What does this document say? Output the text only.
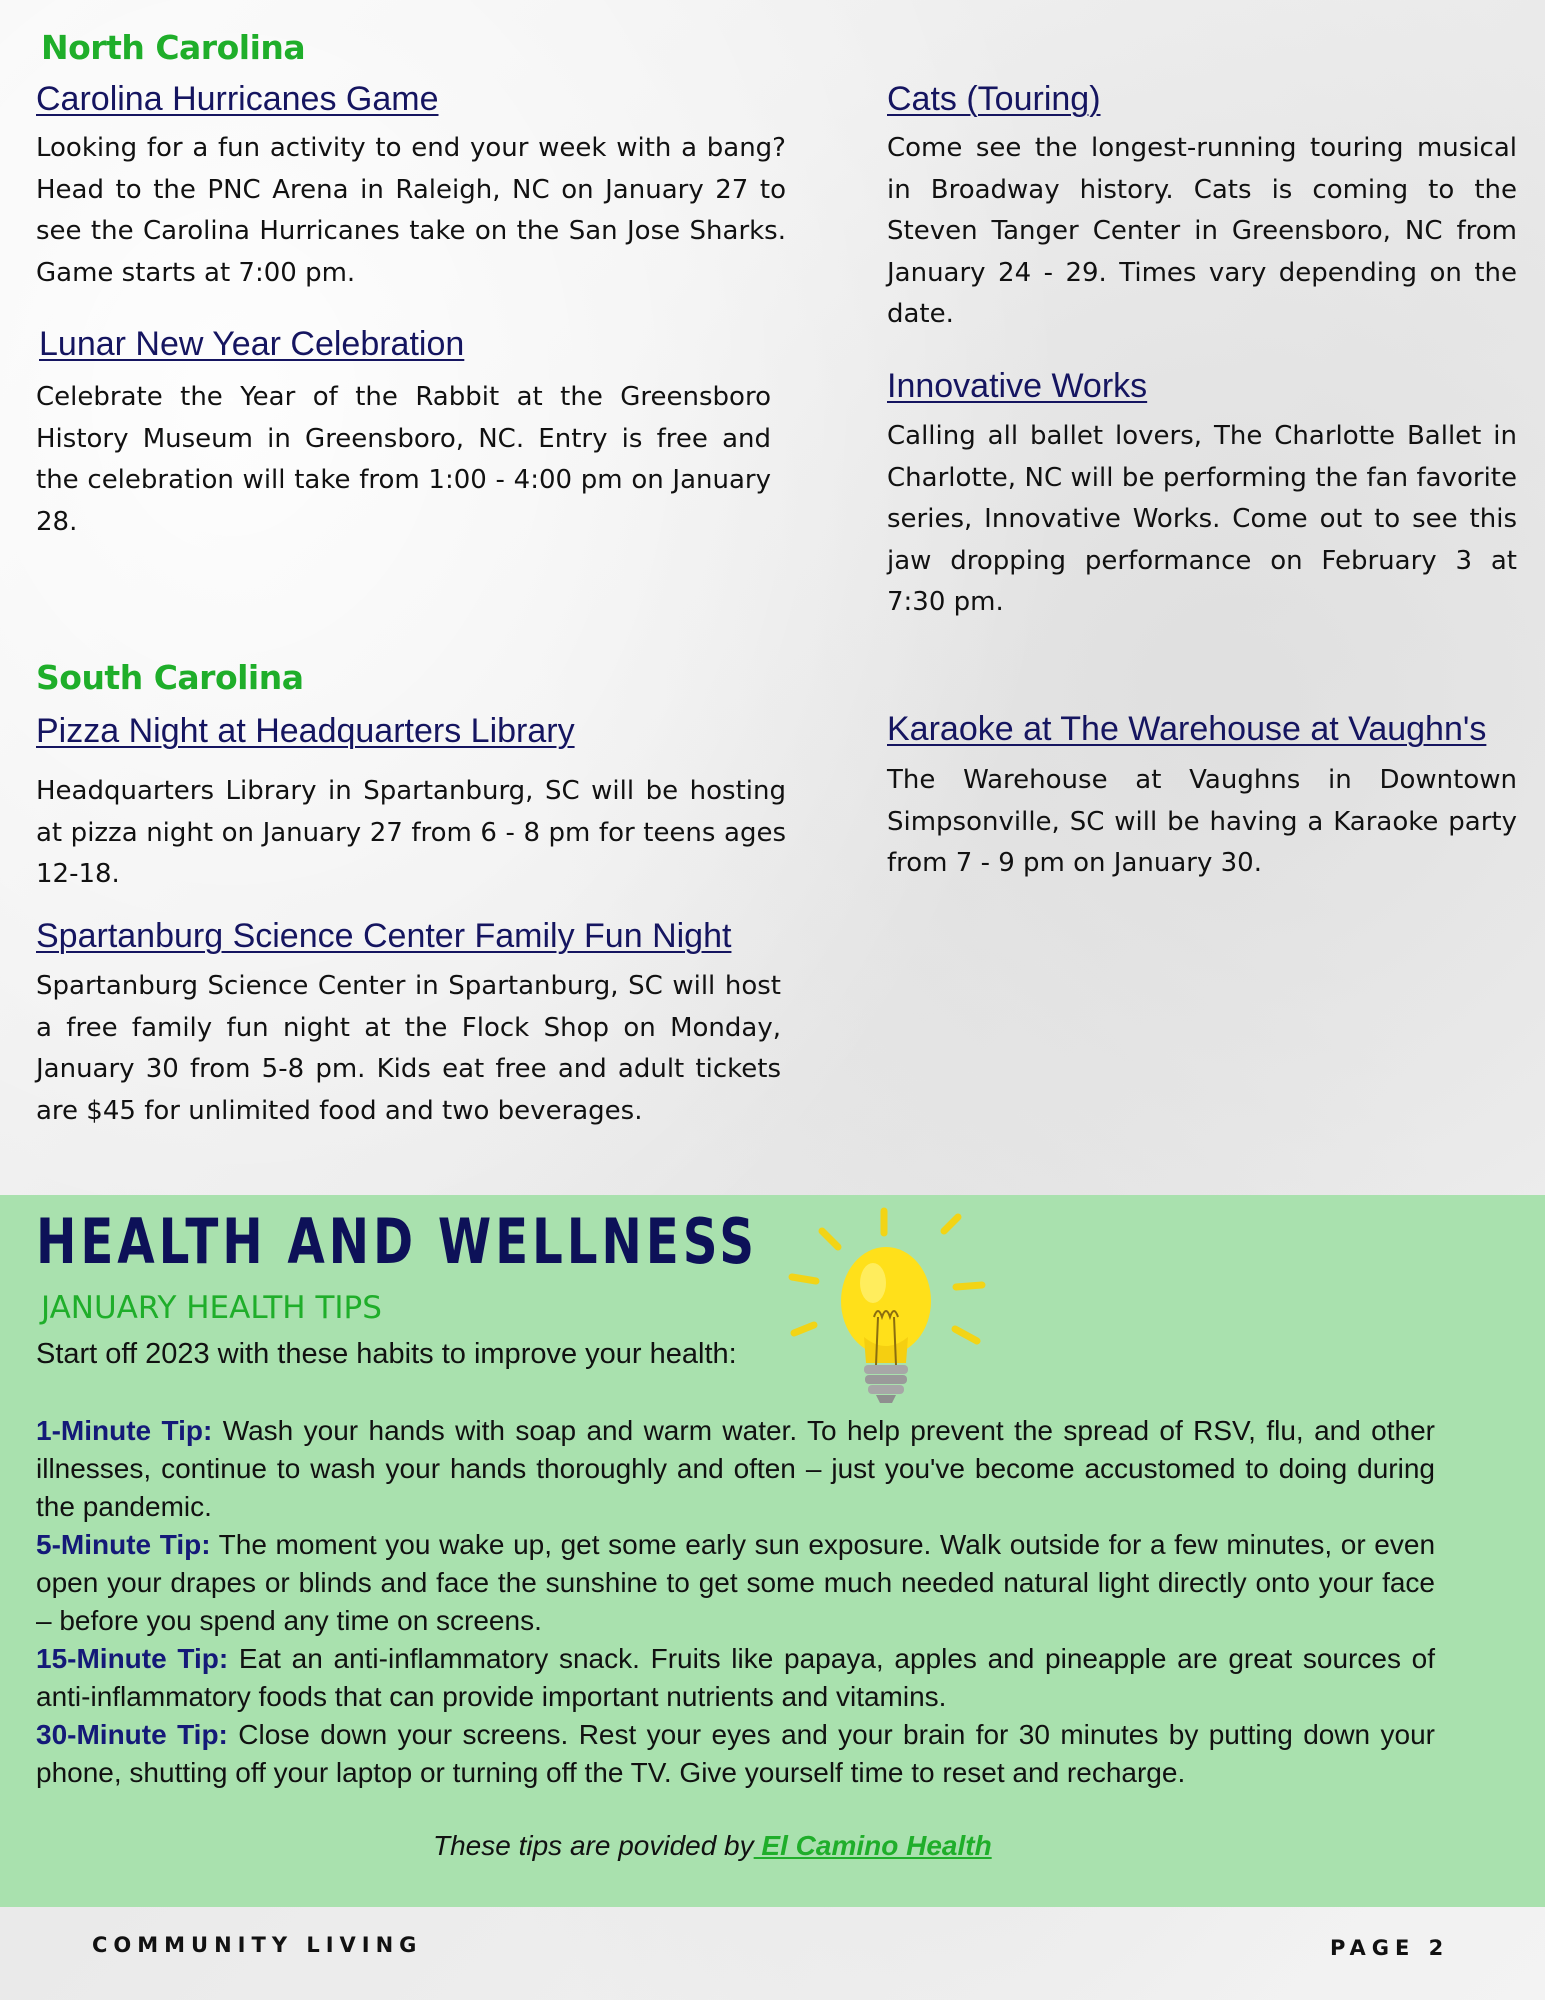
North Carolina
Carolina Hurricanes Game

Looking for a fun activity to end your week with a bang? Head to the PNC Arena in Raleigh, NC on January 27 to see the Carolina Hurricanes take on the San Jose Sharks. Game starts at 7:00 pm.

Lunar New Year Celebration

Celebrate the Year of the Rabbit at the Greensboro History Museum in Greensboro, NC. Entry is free and the celebration will take from 1:00 - 4:00 pm on January 28.

Cats (Touring)

Come see the longest-running touring musical in Broadway history. Cats is coming to the Steven Tanger Center in Greensboro, NC from January 24 - 29. Times vary depending on the date.

Innovative Works

Calling all ballet lovers, The Charlotte Ballet in Charlotte, NC will be performing the fan favorite series, Innovative Works. Come out to see this jaw dropping performance on February 3 at 7:30 pm.

South Carolina
Pizza Night at Headquarters Library

Headquarters Library in Spartanburg, SC will be hosting at pizza night on January 27 from 6 - 8 pm for teens ages 12-18.

Spartanburg Science Center Family Fun Night

Spartanburg Science Center in Spartanburg, SC will host a free family fun night at the Flock Shop on Monday, January 30 from 5-8 pm. Kids eat free and adult tickets are $45 for unlimited food and two beverages.

Karaoke at The Warehouse at Vaughn's

The Warehouse at Vaughns in Downtown Simpsonville, SC will be having a Karaoke party from 7 - 9 pm on January 30.

HEALTH AND WELLNESS
JANUARY HEALTH TIPS
Start off 2023 with these habits to improve your health:
1-Minute Tip: Wash your hands with soap and warm water. To help prevent the spread of RSV, flu, and other illnesses, continue to wash your hands thoroughly and often – just you've become accustomed to doing during the pandemic.
5-Minute Tip: The moment you wake up, get some early sun exposure. Walk outside for a few minutes, or even open your drapes or blinds and face the sunshine to get some much needed natural light directly onto your face – before you spend any time on screens.
15-Minute Tip: Eat an anti-inflammatory snack. Fruits like papaya, apples and pineapple are great sources of anti-inflammatory foods that can provide important nutrients and vitamins.
30-Minute Tip: Close down your screens. Rest your eyes and your brain for 30 minutes by putting down your phone, shutting off your laptop or turning off the TV. Give yourself time to reset and recharge.
These tips are povided by El Camino Health
COMMUNITY LIVING	PAGE 2
